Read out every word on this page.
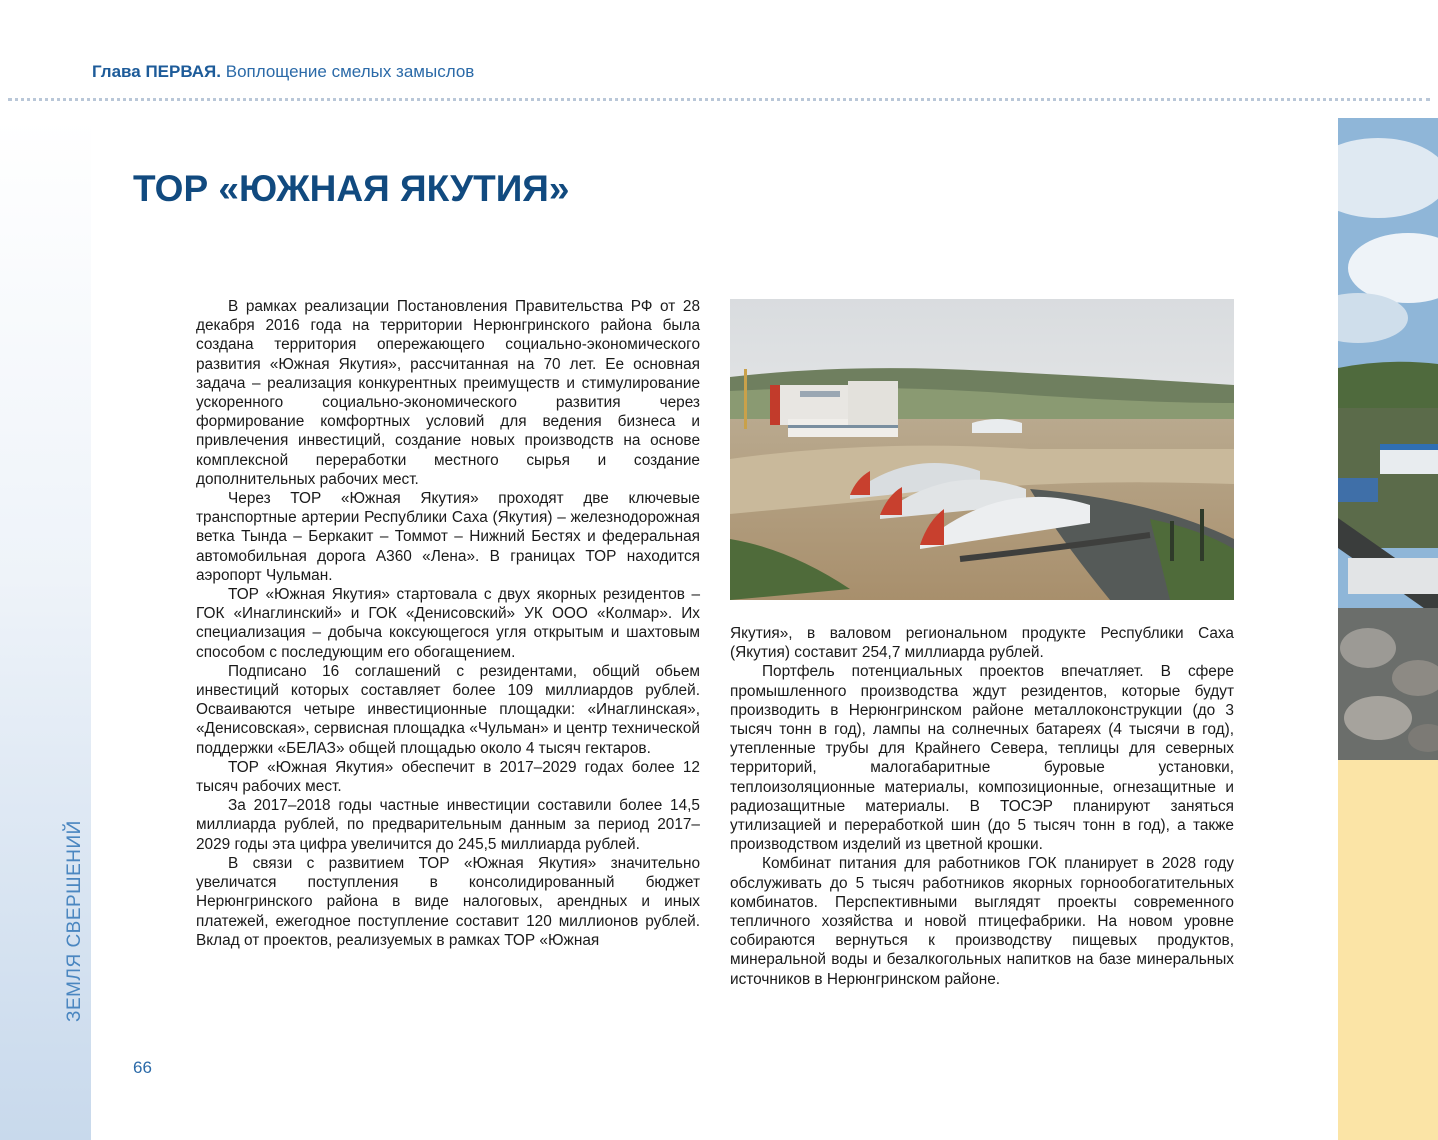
Глава ПЕРВАЯ. Воплощение смелых замыслов
ЗЕМЛЯ СВЕРШЕНИЙ
66
ТОР «ЮЖНАЯ ЯКУТИЯ»

В рамках реализации Постановления Правительства РФ от 28 декабря 2016 года на территории Нерюнгринского района была создана территория опережающего социально-экономического развития «Южная Якутия», рассчитанная на 70 лет. Ее основная задача – реализация конкурентных преимуществ и стимулирование ускоренного социально-экономического развития через формирование комфортных условий для ведения бизнеса и привлечения инвестиций, создание новых производств на основе комплексной переработки местного сырья и создание дополнительных рабочих мест.

Через ТОР «Южная Якутия» проходят две ключевые транспортные артерии Республики Саха (Якутия) – железнодорожная ветка Тында – Беркакит – Томмот – Нижний Бестях и федеральная автомобильная дорога А360 «Лена». В границах ТОР находится аэропорт Чульман.

ТОР «Южная Якутия» стартовала с двух якорных резидентов – ГОК «Инаглинский» и ГОК «Денисовский» УК ООО «Колмар». Их специализация – добыча коксующегося угля открытым и шахтовым способом с последующим его обогащением.

Подписано 16 соглашений с резидентами, общий обьем инвестиций которых составляет более 109 миллиардов рублей. Осваиваются четыре инвестиционные площадки: «Инаглинская», «Денисовская», сервисная площадка «Чульман» и центр технической поддержки «БЕЛАЗ» общей площадью около 4 тысяч гектаров.

ТОР «Южная Якутия» обеспечит в 2017–2029 годах более 12 тысяч рабочих мест.

За 2017–2018 годы частные инвестиции составили более 14,5 миллиарда рублей, по предварительным данным за период 2017–2029 годы эта цифра увеличится до 245,5 миллиарда рублей.

В связи с развитием ТОР «Южная Якутия» значительно увеличатся поступления в консолидированный бюджет Нерюнгринского района в виде налоговых, арендных и иных платежей, ежегодное поступление составит 120 миллионов рублей. Вклад от проектов, реализуемых в рамках ТОР «Южная

Якутия», в валовом региональном продукте Республики Саха (Якутия) составит 254,7 миллиарда рублей.

Портфель потенциальных проектов впечатляет. В сфере промышленного производства ждут резидентов, которые будут производить в Нерюнгринском районе металлоконструкции (до 3 тысяч тонн в год), лампы на солнечных батареях (4 тысячи в год), утепленные трубы для Крайнего Севера, теплицы для северных территорий, малогабаритные буровые установки, теплоизоляционные материалы, композиционные, огнезащитные и радиозащитные материалы. В ТОСЭР планируют заняться утилизацией и переработкой шин (до 5 тысяч тонн в год), а также производством изделий из цветной крошки.

Комбинат питания для работников ГОК планирует в 2028 году обслуживать до 5 тысяч работников якорных горнообогатительных комбинатов. Перспективными выглядят проекты современного тепличного хозяйства и новой птицефабрики. На новом уровне собираются вернуться к производству пищевых продуктов, минеральной воды и безалкогольных напитков на базе минеральных источников в Нерюнгринском районе.
